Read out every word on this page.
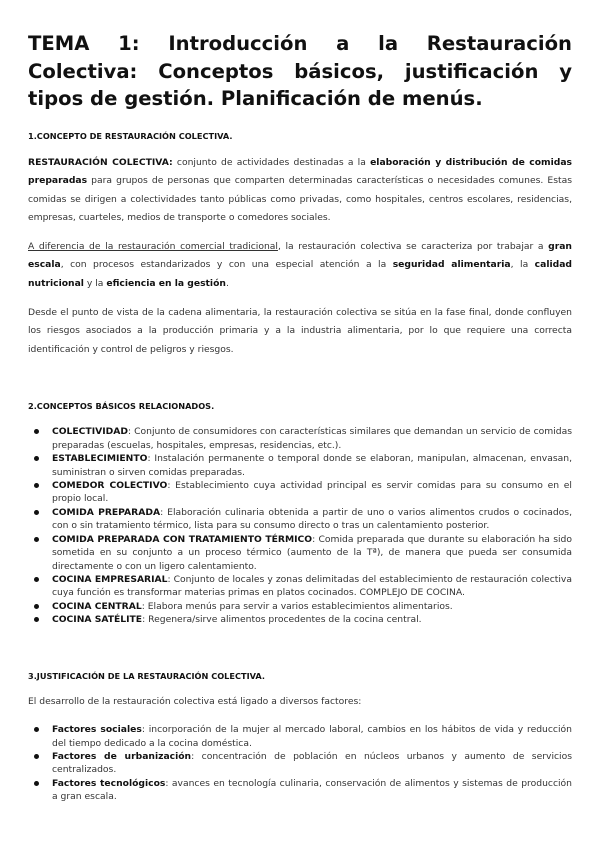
TEMA 1: Introducción a la Restauración Colectiva: Conceptos básicos, justificación y tipos de gestión. Planificación de menús.
1.CONCEPTO DE RESTAURACIÓN COLECTIVA.

RESTAURACIÓN COLECTIVA: conjunto de actividades destinadas a la elaboración y distribución de comidas preparadas para grupos de personas que comparten determinadas características o necesidades comunes. Estas comidas se dirigen a colectividades tanto públicas como privadas, como hospitales, centros escolares, residencias, empresas, cuarteles, medios de transporte o comedores sociales.

A diferencia de la restauración comercial tradicional, la restauración colectiva se caracteriza por trabajar a gran escala, con procesos estandarizados y con una especial atención a la seguridad alimentaria, la calidad nutricional y la eficiencia en la gestión.

Desde el punto de vista de la cadena alimentaria, la restauración colectiva se sitúa en la fase final, donde confluyen los riesgos asociados a la producción primaria y a la industria alimentaria, por lo que requiere una correcta identificación y control de peligros y riesgos.

2.CONCEPTOS BÁSICOS RELACIONADOS.
COLECTIVIDAD: Conjunto de consumidores con características similares que demandan un servicio de comidas preparadas (escuelas, hospitales, empresas, residencias, etc.).
ESTABLECIMIENTO: Instalación permanente o temporal donde se elaboran, manipulan, almacenan, envasan, suministran o sirven comidas preparadas.
COMEDOR COLECTIVO: Establecimiento cuya actividad principal es servir comidas para su consumo en el propio local.
COMIDA PREPARADA: Elaboración culinaria obtenida a partir de uno o varios alimentos crudos o cocinados, con o sin tratamiento térmico, lista para su consumo directo o tras un calentamiento posterior.
COMIDA PREPARADA CON TRATAMIENTO TÉRMICO: Comida preparada que durante su elaboración ha sido sometida en su conjunto a un proceso térmico (aumento de la Tª), de manera que pueda ser consumida directamente o con un ligero calentamiento.
COCINA EMPRESARIAL: Conjunto de locales y zonas delimitadas del establecimiento de restauración colectiva cuya función es transformar materias primas en platos cocinados. COMPLEJO DE COCINA.
COCINA CENTRAL: Elabora menús para servir a varios establecimientos alimentarios.
COCINA SATÉLITE: Regenera/sirve alimentos procedentes de la cocina central.
3.JUSTIFICACIÓN DE LA RESTAURACIÓN COLECTIVA.

El desarrollo de la restauración colectiva está ligado a diversos factores:

Factores sociales: incorporación de la mujer al mercado laboral, cambios en los hábitos de vida y reducción del tiempo dedicado a la cocina doméstica.
Factores de urbanización: concentración de población en núcleos urbanos y aumento de servicios centralizados.
Factores tecnológicos: avances en tecnología culinaria, conservación de alimentos y sistemas de producción a gran escala.
